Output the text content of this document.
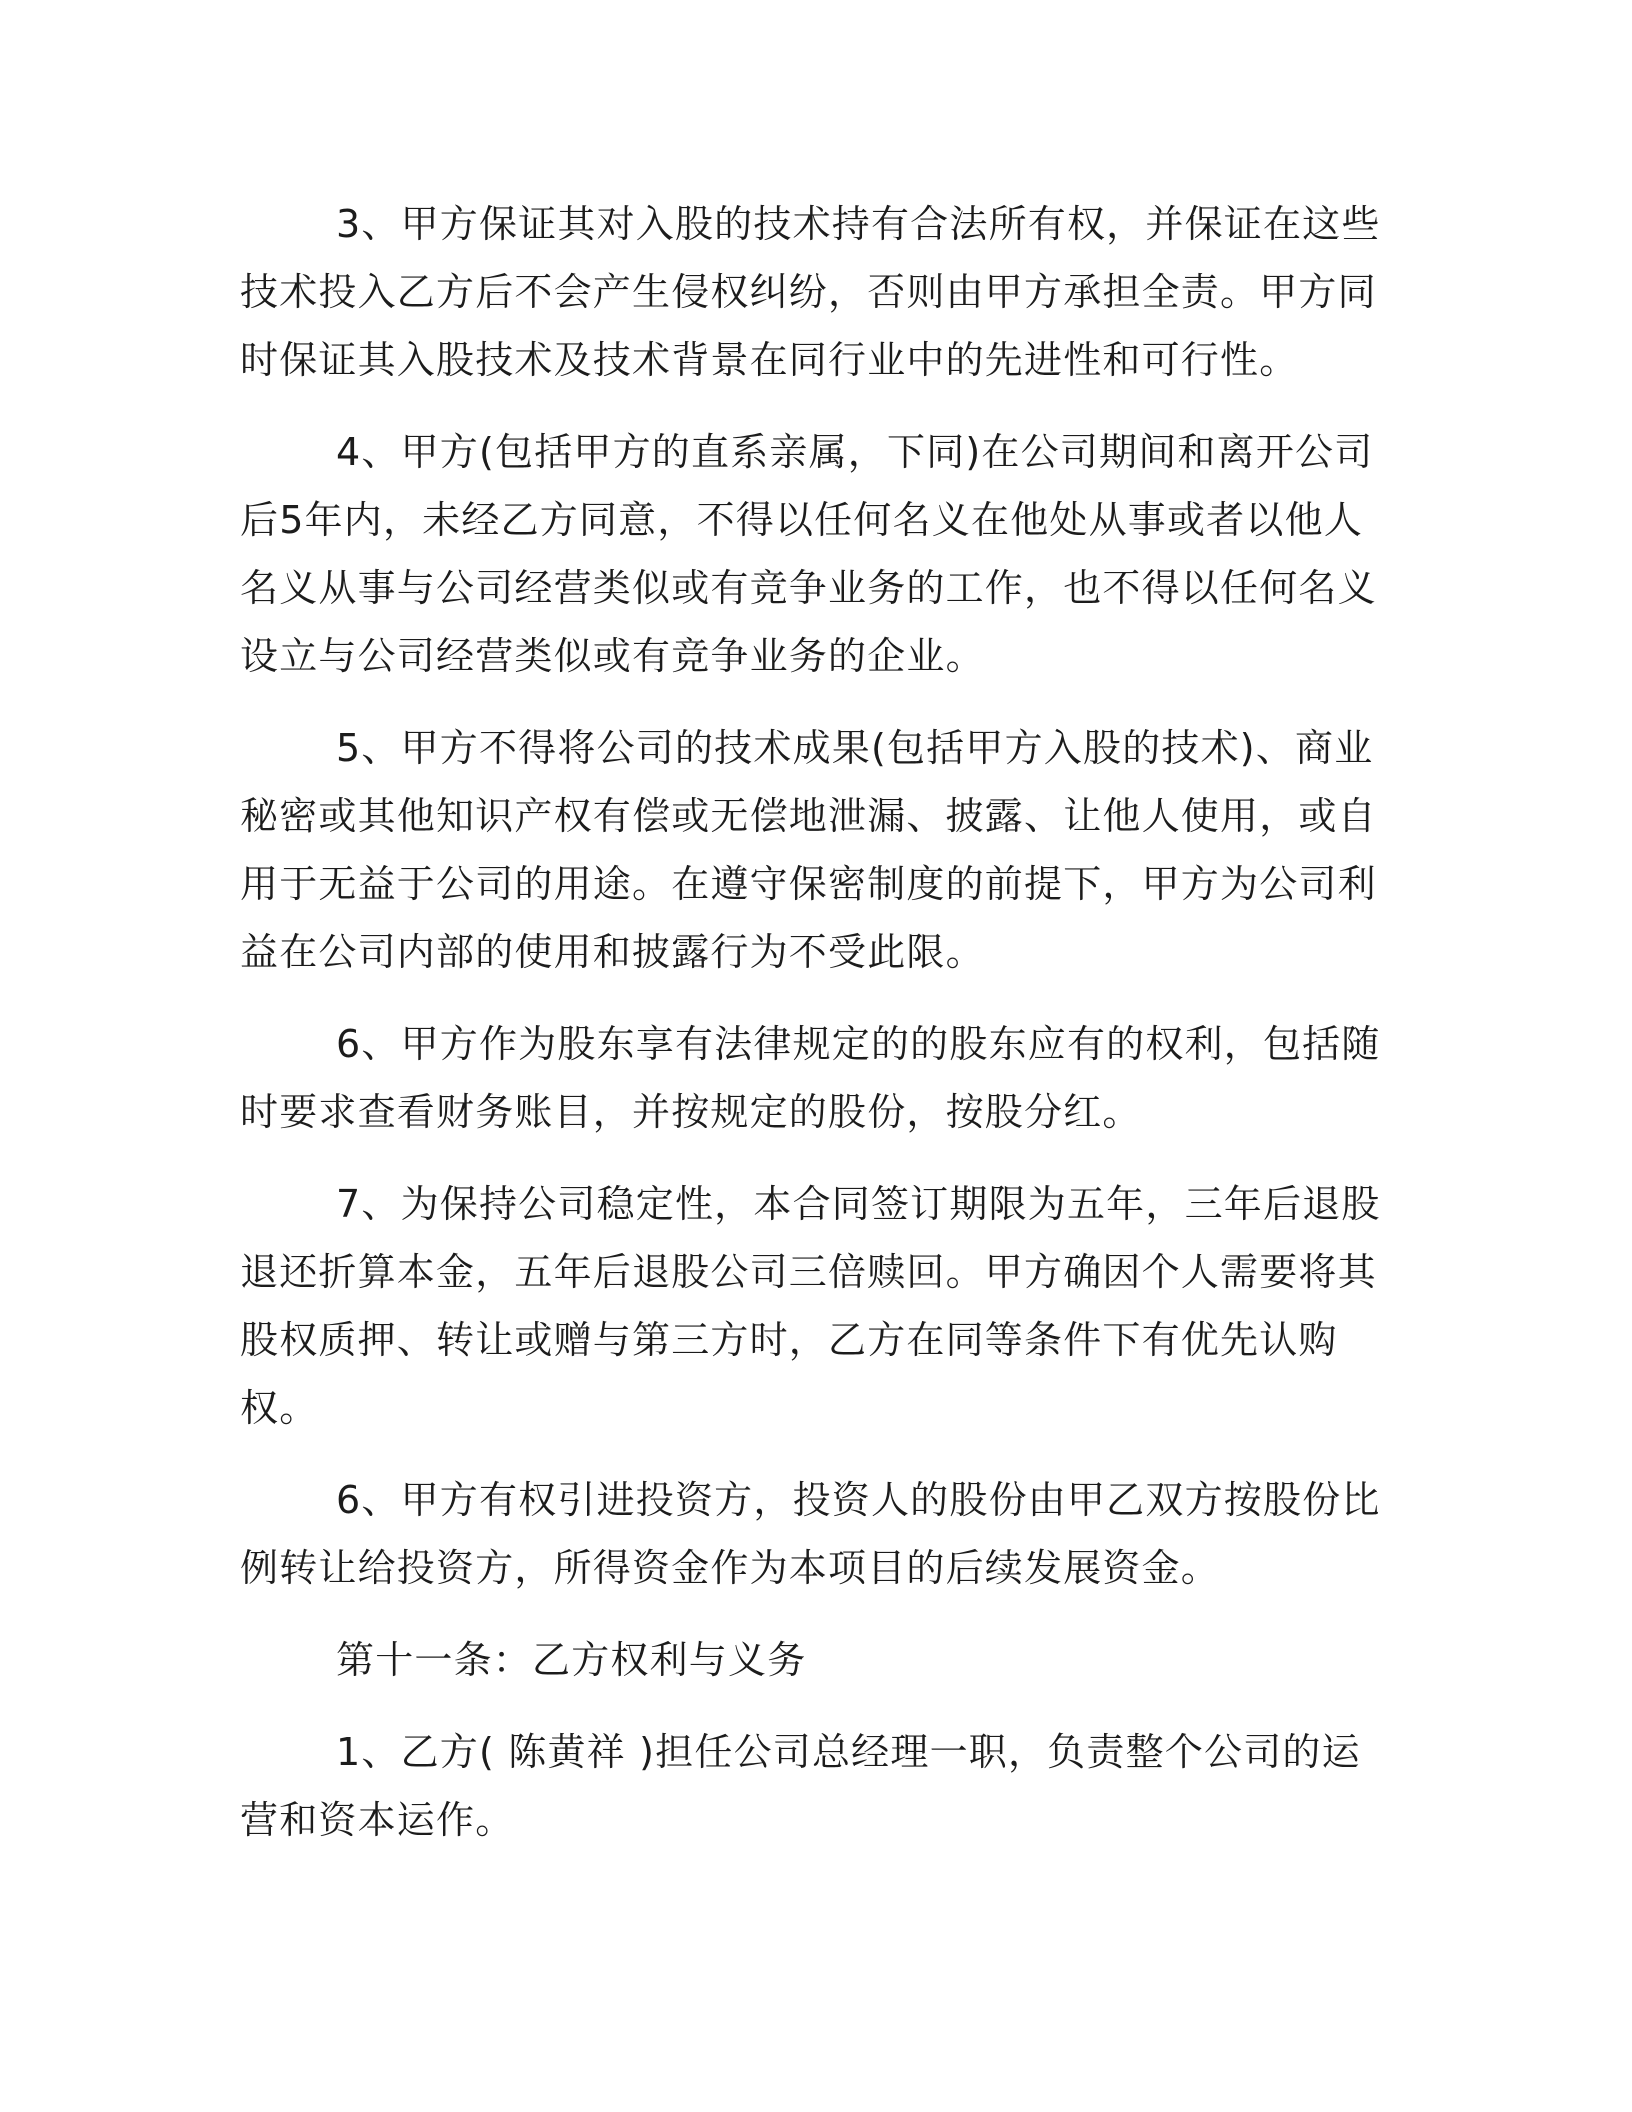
3、甲方保证其对入股的技术持有合法所有权，并保证在这些技术投入乙方后不会产生侵权纠纷，否则由甲方承担全责。甲方同时保证其入股技术及技术背景在同行业中的先进性和可行性。

4、甲方(包括甲方的直系亲属，下同)在公司期间和离开公司后5年内，未经乙方同意，不得以任何名义在他处从事或者以他人名义从事与公司经营类似或有竞争业务的工作，也不得以任何名义设立与公司经营类似或有竞争业务的企业。

5、甲方不得将公司的技术成果(包括甲方入股的技术)、商业秘密或其他知识产权有偿或无偿地泄漏、披露、让他人使用，或自用于无益于公司的用途。在遵守保密制度的前提下，甲方为公司利益在公司内部的使用和披露行为不受此限。

6、甲方作为股东享有法律规定的的股东应有的权利，包括随时要求查看财务账目，并按规定的股份，按股分红。

7、为保持公司稳定性，本合同签订期限为五年，三年后退股退还折算本金，五年后退股公司三倍赎回。甲方确因个人需要将其股权质押、转让或赠与第三方时，乙方在同等条件下有优先认购权。

6、甲方有权引进投资方，投资人的股份由甲乙双方按股份比例转让给投资方，所得资金作为本项目的后续发展资金。

第十一条：乙方权利与义务

1、乙方( 陈黄祥 )担任公司总经理一职，负责整个公司的运营和资本运作。
